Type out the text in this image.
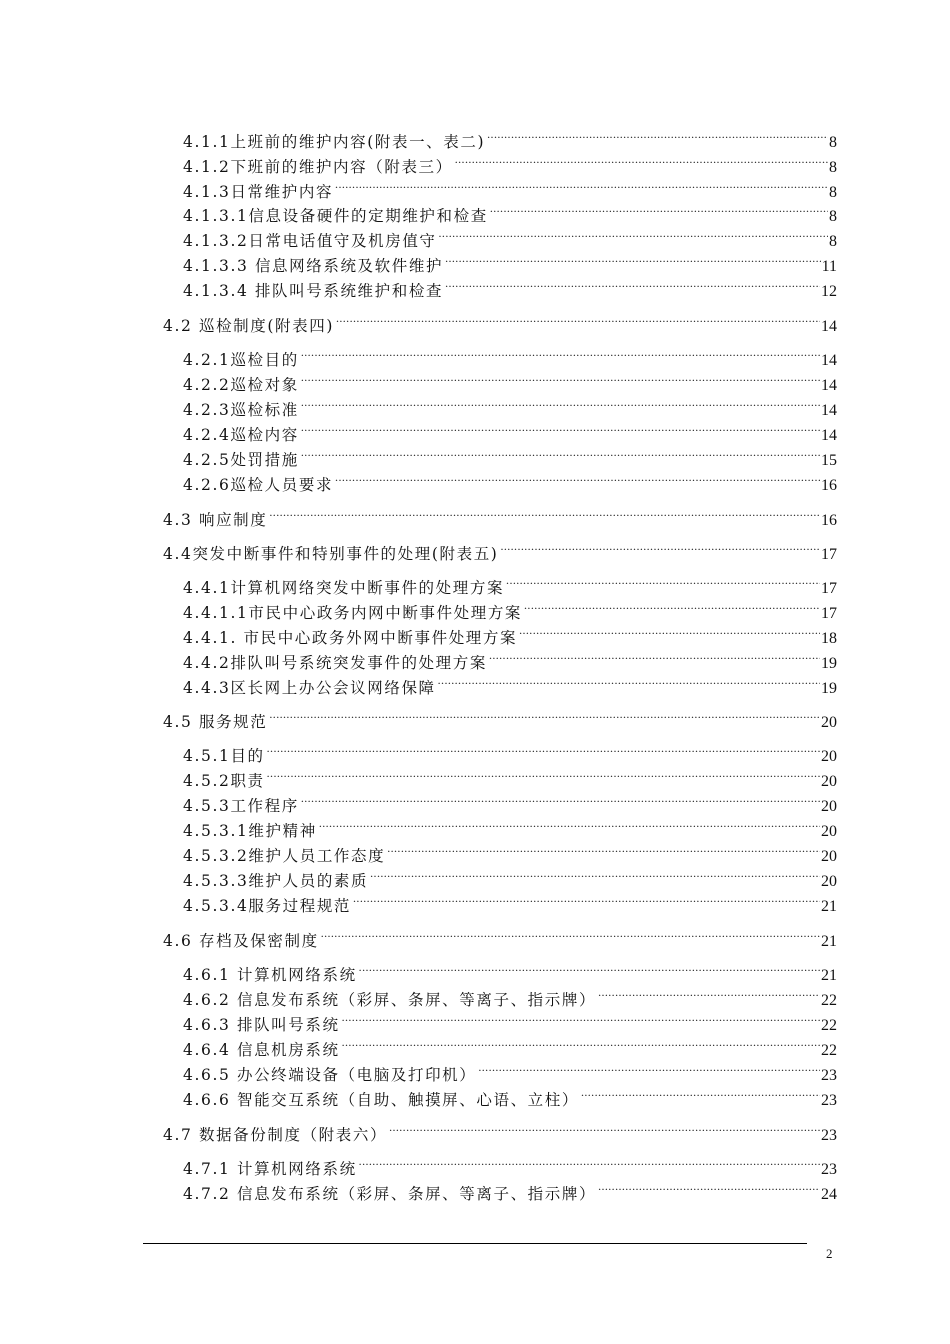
4.1.1上班前的维护内容(附表一、表二) .....	8
4.1.2下班前的维护内容（附表三） .....	8
4.1.3日常维护内容 .....	8
4.1.3.1信息设备硬件的定期维护和检查 .....	8
4.1.3.2日常电话值守及机房值守 .....	8
4.1.3.3 信息网络系统及软件维护 .....	11
4.1.3.4 排队叫号系统维护和检查 .....	12
4.2 巡检制度(附表四) .....	14
4.2.1巡检目的 .....	14
4.2.2巡检对象 .....	14
4.2.3巡检标准 .....	14
4.2.4巡检内容 .....	14
4.2.5处罚措施 .....	15
4.2.6巡检人员要求 .....	16
4.3 响应制度 .....	16
4.4突发中断事件和特别事件的处理(附表五) .....	17
4.4.1计算机网络突发中断事件的处理方案 .....	17
4.4.1.1市民中心政务内网中断事件处理方案 .....	17
4.4.1. 市民中心政务外网中断事件处理方案 .....	18
4.4.2排队叫号系统突发事件的处理方案 .....	19
4.4.3区长网上办公会议网络保障 .....	19
4.5 服务规范 .....	20
4.5.1目的 .....	20
4.5.2职责 .....	20
4.5.3工作程序 .....	20
4.5.3.1维护精神 .....	20
4.5.3.2维护人员工作态度 .....	20
4.5.3.3维护人员的素质 .....	20
4.5.3.4服务过程规范 .....	21
4.6 存档及保密制度 .....	21
4.6.1 计算机网络系统 .....	21
4.6.2 信息发布系统（彩屏、条屏、等离子、指示牌） .....	22
4.6.3 排队叫号系统 .....	22
4.6.4 信息机房系统 .....	22
4.6.5 办公终端设备（电脑及打印机） .....	23
4.6.6 智能交互系统（自助、触摸屏、心语、立柱） .....	23
4.7 数据备份制度（附表六） .....	23
4.7.1 计算机网络系统 .....	23
4.7.2 信息发布系统（彩屏、条屏、等离子、指示牌） .....	24
2
